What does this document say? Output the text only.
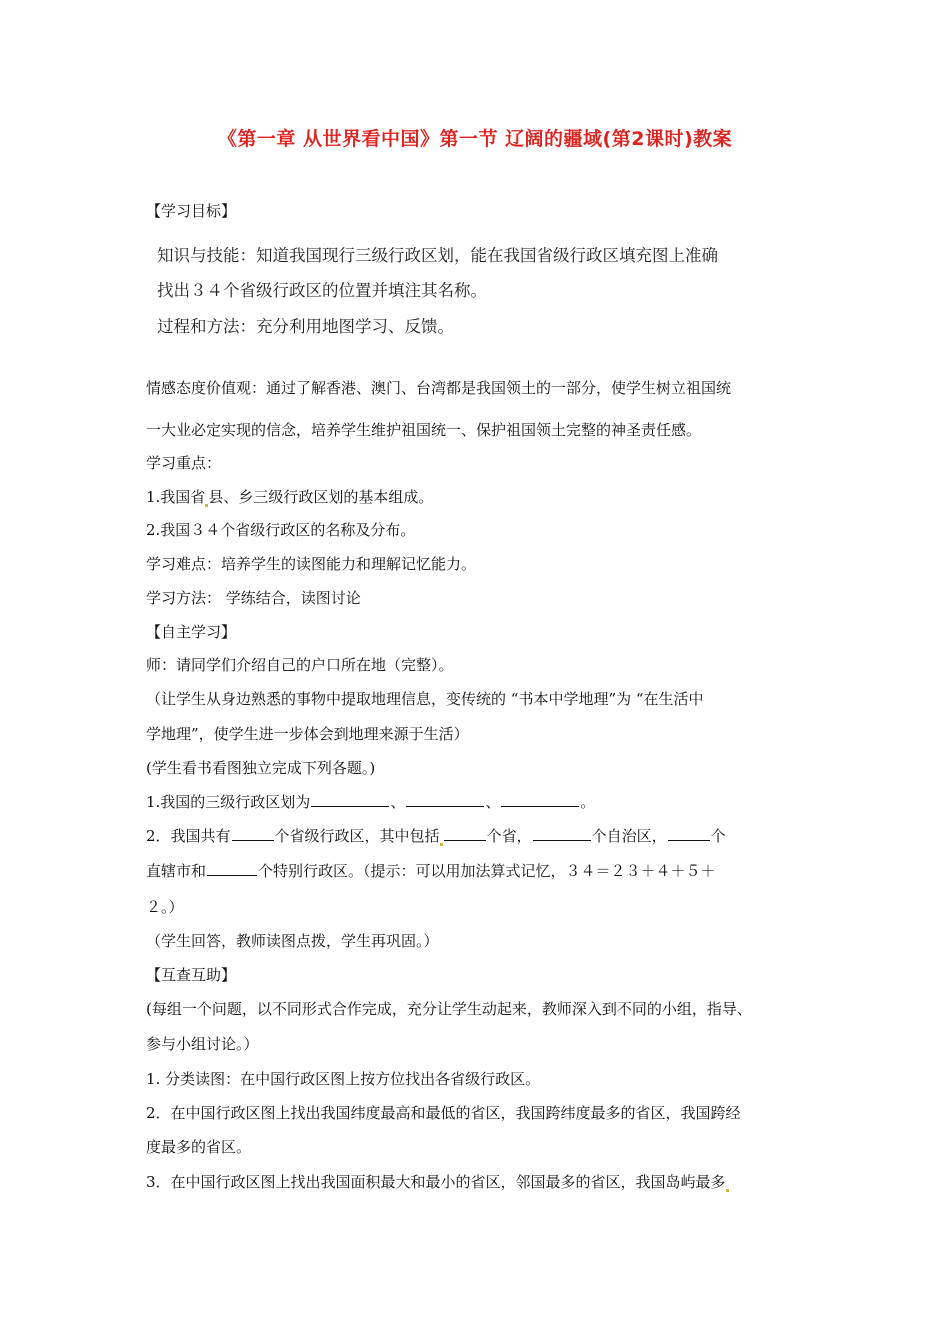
《第一章 从世界看中国》第一节 辽阔的疆域(第2课时)教案
【学习目标】
知识与技能：知道我国现行三级行政区划，能在我国省级行政区填充图上准确
找出３４个省级行政区的位置并填注其名称。
过程和方法：充分利用地图学习、反馈。
情感态度价值观：通过了解香港、澳门、台湾都是我国领土的一部分，使学生树立祖国统
一大业必定实现的信念，培养学生维护祖国统一、保护祖国领土完整的神圣责任感。
学习重点：
1.我国省 县、乡三级行政区划的基本组成。
2.我国３４个省级行政区的名称及分布。
学习难点：培养学生的读图能力和理解记忆能力。
学习方法： 学练结合，读图讨论
【自主学习】
师：请同学们介绍自己的户口所在地（完整）。
（让学生从身边熟悉的事物中提取地理信息，变传统的 “书本中学地理”为 “在生活中
学地理”，使学生进一步体会到地理来源于生活）
(学生看书看图独立完成下列各题。)
1.我国的三级行政区划为	、	、	。
2．我国共有	个省级行政区，其中包括	个省，	个自治区，	个
直辖市和	个特别行政区。（提示：可以用加法算式记忆，３４＝２３＋４＋５＋
２。）
（学生回答，教师读图点拨，学生再巩固。）
【互查互助】
(每组一个问题，以不同形式合作完成，充分让学生动起来，教师深入到不同的小组，指导、
参与小组讨论。）
1. 分类读图：在中国行政区图上按方位找出各省级行政区。
2．在中国行政区图上找出我国纬度最高和最低的省区，我国跨纬度最多的省区，我国跨经
度最多的省区。
3．在中国行政区图上找出我国面积最大和最小的省区，邻国最多的省区，我国岛屿最多
